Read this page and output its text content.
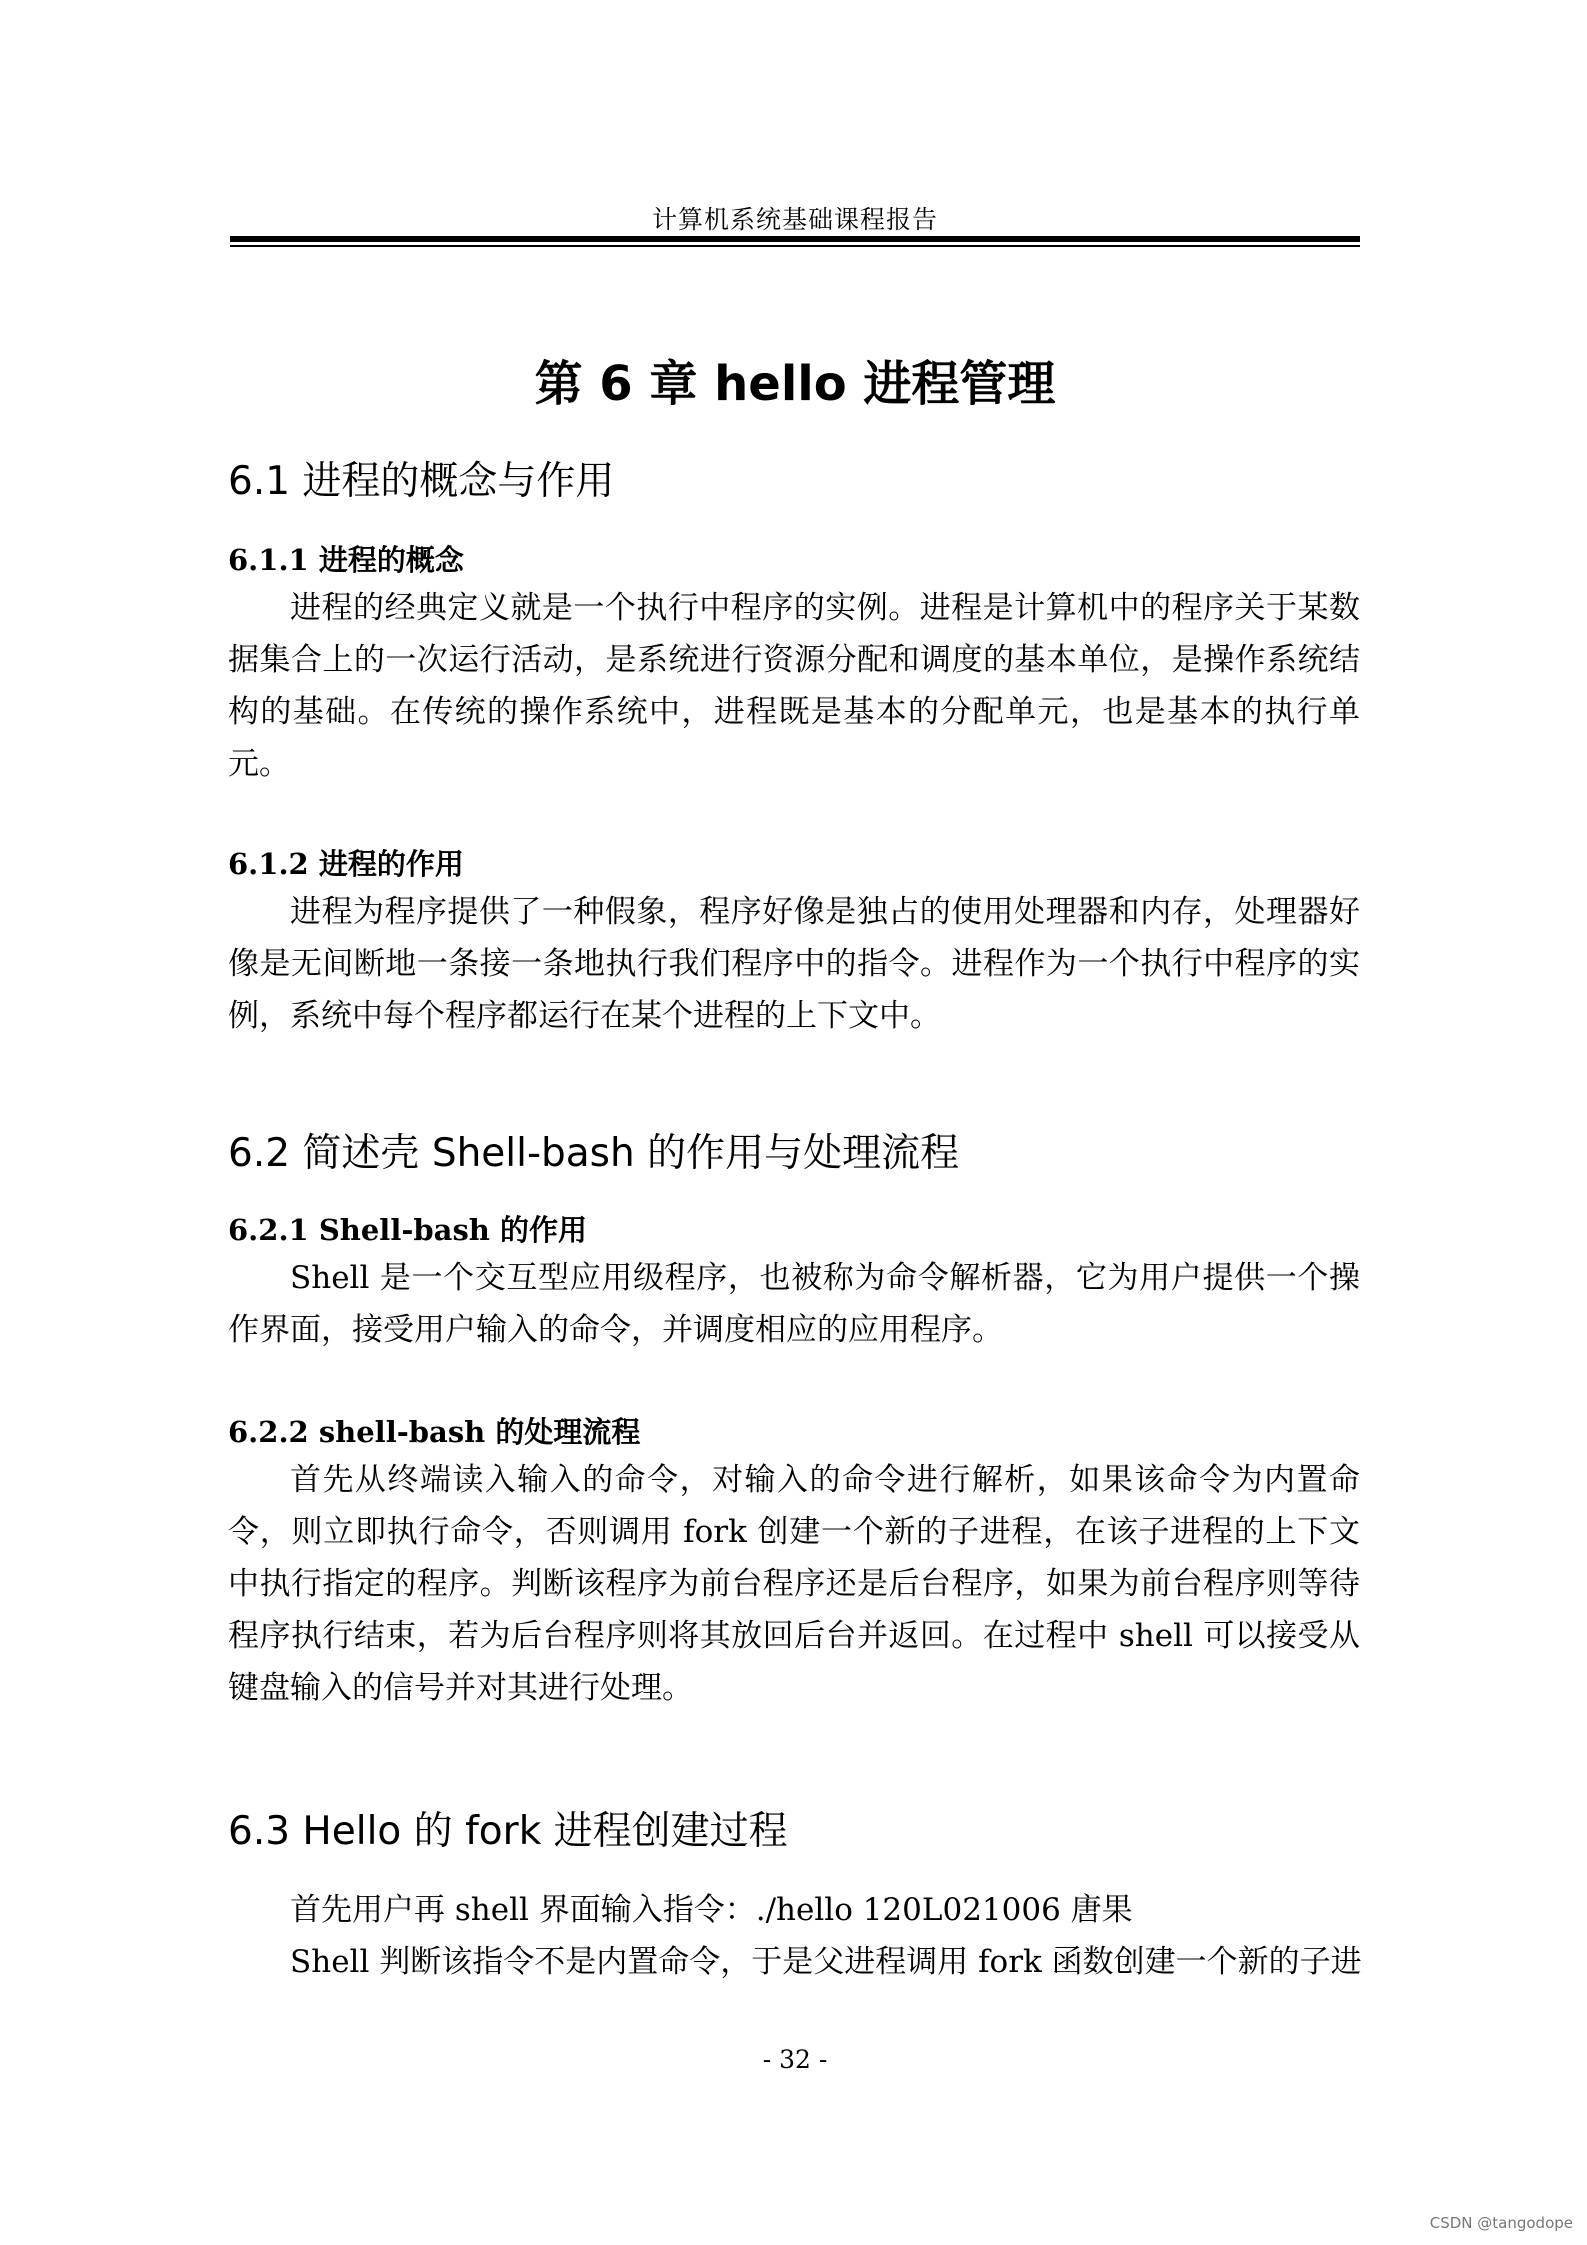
计算机系统基础课程报告
第 6 章 hello 进程管理
6.1 进程的概念与作用
6.1.1 进程的概念
进程的经典定义就是一个执行中程序的实例。进程是计算机中的程序关于某数据集合上的一次运行活动，是系统进行资源分配和调度的基本单位，是操作系统结构的基础。在传统的操作系统中，进程既是基本的分配单元，也是基本的执行单元。
6.1.2 进程的作用
进程为程序提供了一种假象，程序好像是独占的使用处理器和内存，处理器好像是无间断地一条接一条地执行我们程序中的指令。进程作为一个执行中程序的实例，系统中每个程序都运行在某个进程的上下文中。
6.2 简述壳 Shell-bash 的作用与处理流程
6.2.1 Shell-bash 的作用
Shell 是一个交互型应用级程序，也被称为命令解析器，它为用户提供一个操作界面，接受用户输入的命令，并调度相应的应用程序。
6.2.2 shell-bash 的处理流程
首先从终端读入输入的命令，对输入的命令进行解析，如果该命令为内置命令，则立即执行命令，否则调用 fork 创建一个新的子进程，在该子进程的上下文中执行指定的程序。判断该程序为前台程序还是后台程序，如果为前台程序则等待程序执行结束，若为后台程序则将其放回后台并返回。在过程中 shell 可以接受从键盘输入的信号并对其进行处理。
6.3 Hello 的 fork 进程创建过程
首先用户再 shell 界面输入指令：./hello 120L021006 唐果
Shell 判断该指令不是内置命令，于是父进程调用 fork 函数创建一个新的子进
- 32 -
CSDN @tangodope
